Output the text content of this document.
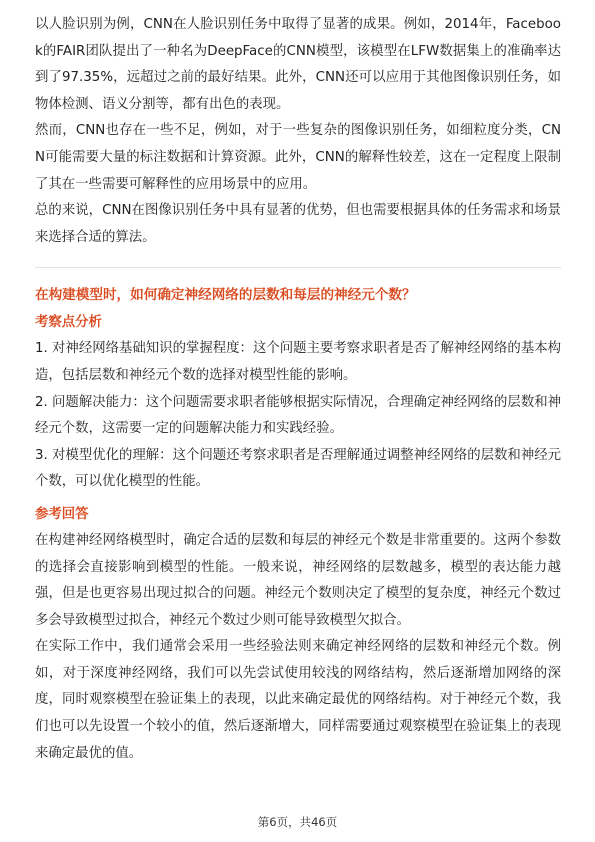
以人脸识别为例，CNN在人脸识别任务中取得了显著的成果。例如，2014年，Facebook的FAIR团队提出了一种名为DeepFace的CNN模型，该模型在LFW数据集上的准确率达到了97.35%，远超过之前的最好结果。此外，CNN还可以应用于其他图像识别任务，如物体检测、语义分割等，都有出色的表现。

然而，CNN也存在一些不足，例如，对于一些复杂的图像识别任务，如细粒度分类，CNN可能需要大量的标注数据和计算资源。此外，CNN的解释性较差，这在一定程度上限制了其在一些需要可解释性的应用场景中的应用。

总的来说，CNN在图像识别任务中具有显著的优势，但也需要根据具体的任务需求和场景来选择合适的算法。

在构建模型时，如何确定神经网络的层数和每层的神经元个数？

考察点分析

1. 对神经网络基础知识的掌握程度：这个问题主要考察求职者是否了解神经网络的基本构造，包括层数和神经元个数的选择对模型性能的影响。

2. 问题解决能力：这个问题需要求职者能够根据实际情况，合理确定神经网络的层数和神经元个数，这需要一定的问题解决能力和实践经验。

3. 对模型优化的理解：这个问题还考察求职者是否理解通过调整神经网络的层数和神经元个数，可以优化模型的性能。

参考回答

在构建神经网络模型时，确定合适的层数和每层的神经元个数是非常重要的。这两个参数的选择会直接影响到模型的性能。一般来说，神经网络的层数越多，模型的表达能力越强，但是也更容易出现过拟合的问题。神经元个数则决定了模型的复杂度，神经元个数过多会导致模型过拟合，神经元个数过少则可能导致模型欠拟合。

在实际工作中，我们通常会采用一些经验法则来确定神经网络的层数和神经元个数。例如，对于深度神经网络，我们可以先尝试使用较浅的网络结构，然后逐渐增加网络的深度，同时观察模型在验证集上的表现，以此来确定最优的网络结构。对于神经元个数，我们也可以先设置一个较小的值，然后逐渐增大，同样需要通过观察模型在验证集上的表现来确定最优的值。

第6页，共46页
